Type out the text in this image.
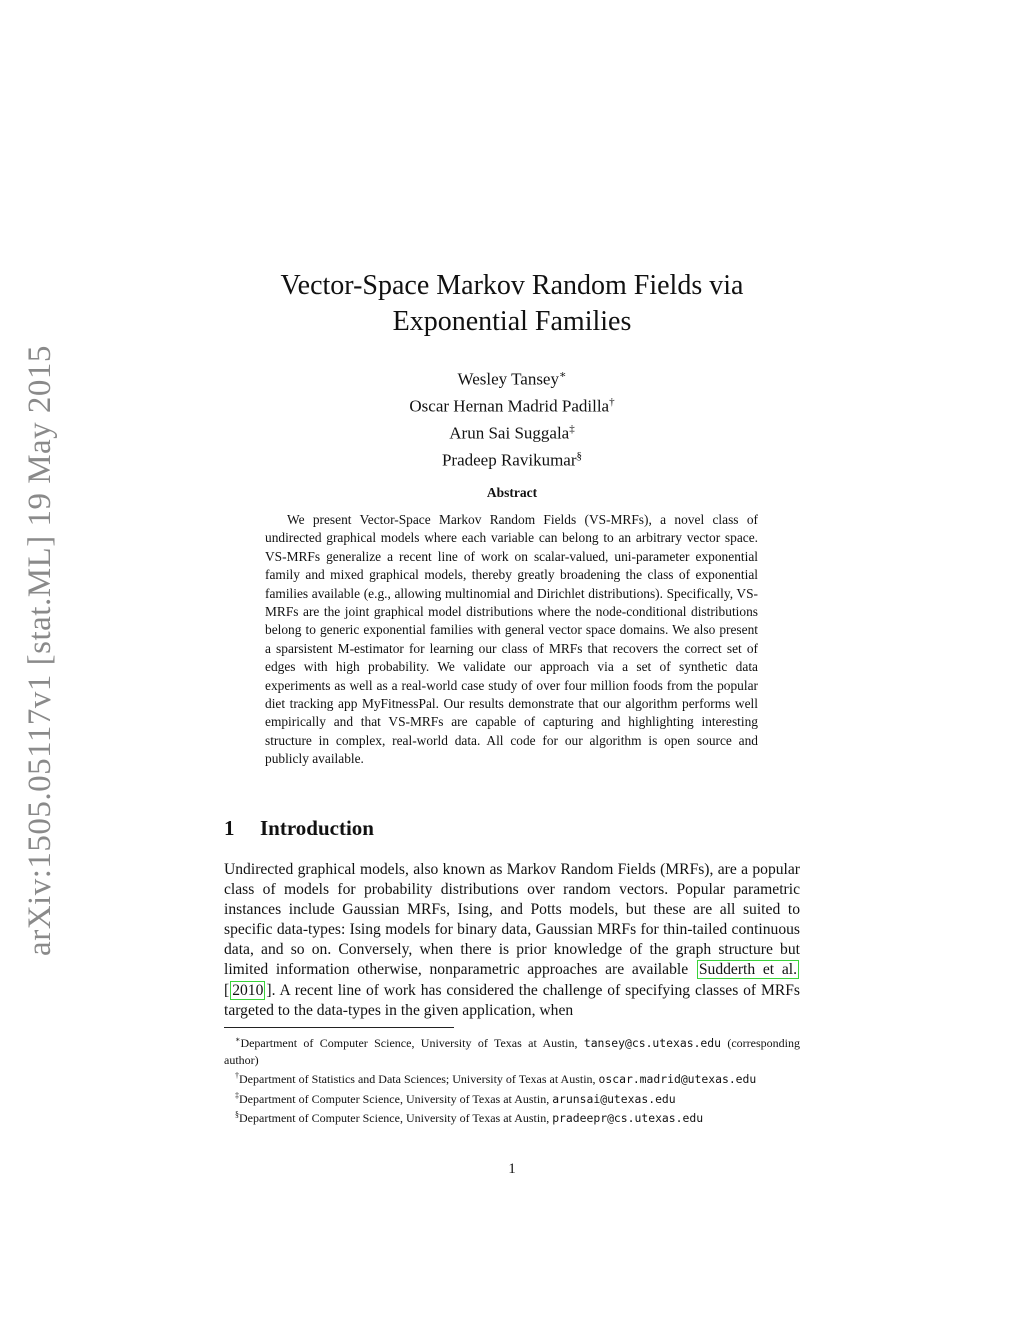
arXiv:1505.05117v1 [stat.ML] 19 May 2015
Vector-Space Markov Random Fields via
Exponential Families
Wesley Tansey∗
Oscar Hernan Madrid Padilla†
Arun Sai Suggala‡
Pradeep Ravikumar§
Abstract

We present Vector-Space Markov Random Fields (VS-MRFs), a novel class of undirected graphical models where each variable can belong to an arbitrary vector space. VS-MRFs generalize a recent line of work on scalar-valued, uni-parameter exponential family and mixed graphical models, thereby greatly broadening the class of exponential families available (e.g., allowing multinomial and Dirichlet distributions). Specifically, VS-MRFs are the joint graphical model distributions where the node-conditional distributions belong to generic exponential families with general vector space domains. We also present a sparsistent M-estimator for learning our class of MRFs that recovers the correct set of edges with high probability. We validate our approach via a set of synthetic data experiments as well as a real-world case study of over four million foods from the popular diet tracking app MyFitnessPal. Our results demonstrate that our algorithm performs well empirically and that VS-MRFs are capable of capturing and highlighting interesting structure in complex, real-world data. All code for our algorithm is open source and publicly available.

1 Introduction

Undirected graphical models, also known as Markov Random Fields (MRFs), are a popular class of models for probability distributions over random vectors. Popular parametric instances include Gaussian MRFs, Ising, and Potts models, but these are all suited to specific data-types: Ising models for binary data, Gaussian MRFs for thin-tailed continuous data, and so on. Conversely, when there is prior knowledge of the graph structure but limited information otherwise, nonparametric approaches are available Sudderth et al.[ 2010 ]. A recent line of work has considered the challenge of specifying classes of MRFs targeted to the data-types in the given application, when

∗Department of Computer Science, University of Texas at Austin, tansey@cs.utexas.edu (corresponding author)

†Department of Statistics and Data Sciences; University of Texas at Austin, oscar.madrid@utexas.edu

‡Department of Computer Science, University of Texas at Austin, arunsai@utexas.edu

§Department of Computer Science, University of Texas at Austin, pradeepr@cs.utexas.edu

1
